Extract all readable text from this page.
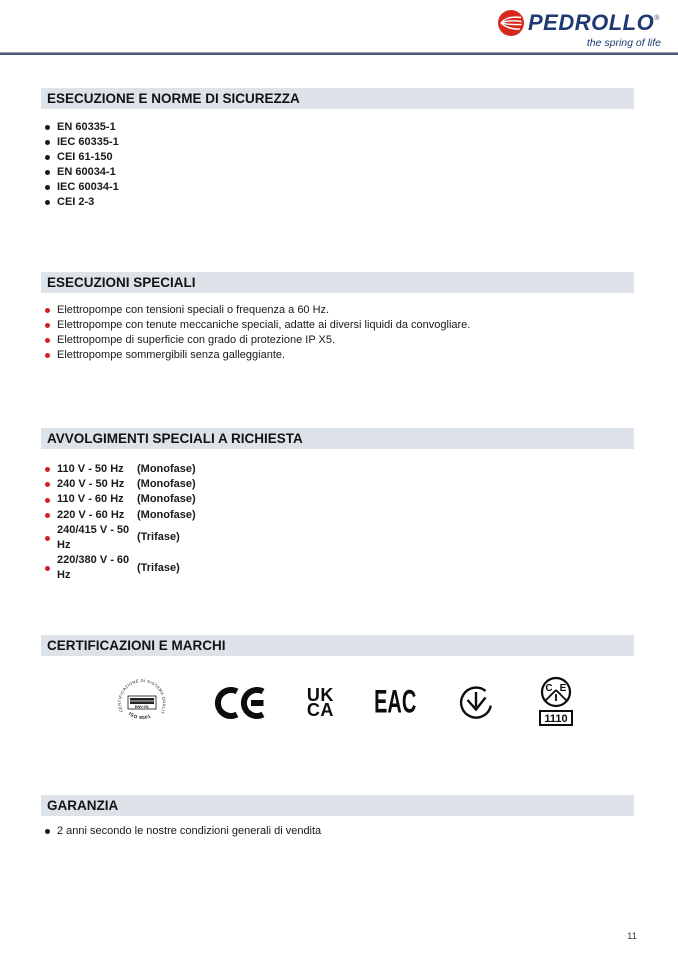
PEDROLLO®
the spring of life
ESECUZIONE E NORME DI SICUREZZA
EN 60335-1
IEC 60335-1
CEI 61-150
EN 60034-1
IEC 60034-1
CEI 2-3
ESECUZIONI SPECIALI
Elettropompe con tensioni speciali o frequenza a 60 Hz.
Elettropompe con tenute meccaniche speciali, adatte ai diversi liquidi da convogliare.
Elettropompe di superficie con grado di protezione IP X5.
Elettropompe sommergibili senza galleggiante.
AVVOLGIMENTI SPECIALI A RICHIESTA
110 V - 50 Hz	(Monofase)
240 V - 50 Hz	(Monofase)
110 V - 60 Hz	(Monofase)
220 V - 60 Hz	(Monofase)
240/415 V - 50 Hz
(Trifase)
220/380 V - 60 Hz
(Trifase)
CERTIFICAZIONI E MARCHI
CERTIFICAZIONE DI SISTEMA QUALIT
ISO 9001
DNV·GL
UK
CA EAC	C E
1110
GARANZIA
2 anni secondo le nostre condizioni generali di vendita
11
